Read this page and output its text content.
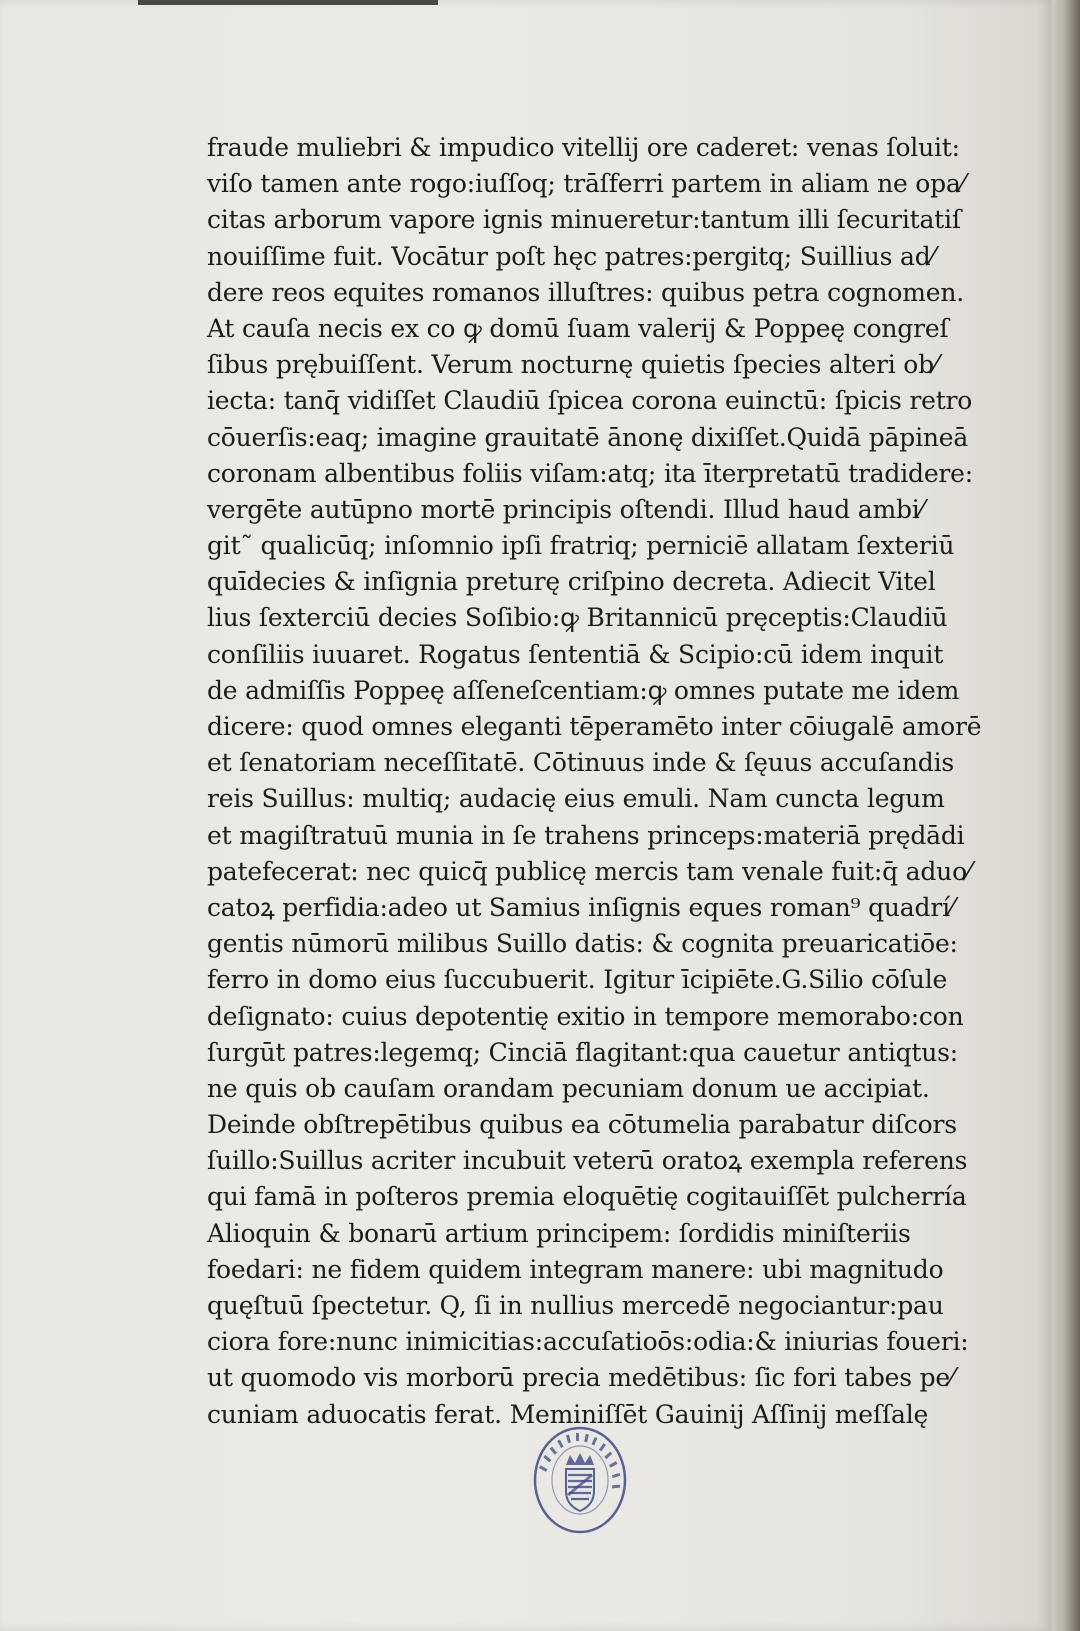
fraude muliebri & impudico vitellij ore caderet: venas ſoluit:
viſo tamen ante rogo:iuſſoq; trāſferri partem in aliam ne opa⁄
citas arborum vapore ignis minueretur:tantum illi ſecuritatiſ
nouiſſime fuit. Vocātur poſt hęc patres:pergitq; Suillius ad⁄
dere reos equites romanos illuſtres: quibus petra cognomen.
At cauſa necis ex co ꝙ domū ſuam valerij & Poppeę congreſ
ſibus prębuiſſent. Verum nocturnę quietis ſpecies alteri ob⁄
iecta: tanq̄ vidiſſet Claudiū ſpicea corona euinctū: ſpicis retro
cōuerſis:eaq; imagine grauitatē ānonę dixiſſet.Quidā pāpineā
coronam albentibus foliis viſam:atq; ita īterpretatū tradidere:
vergēte autūpno mortē principis oſtendi. Illud haud ambi⁄
git˜ qualicūq; inſomnio ipſi fratriq; perniciē allatam ſexteriū
quīdecies & inſignia preturę criſpino decreta. Adiecit Vitel
lius ſexterciū decies Soſibio:ꝙ Britannicū pręceptis:Claudiū
conſiliis iuuaret. Rogatus ſententiā & Scipio:cū idem inquit
de admiſſis Poppeę aſſeneſcentiam:ꝙ omnes putate me idem
dicere: quod omnes eleganti tēperamēto inter cōiugalē amorē
et ſenatoriam neceſſitatē. Cōtinuus inde & ſęuus accuſandis
reis Suillus: multiq; audacię eius emuli. Nam cuncta legum
et magiſtratuū munia in ſe trahens princeps:materiā prędādi
patefecerat: nec quicq̄ publicę mercis tam venale fuit:q̄ aduo⁄
catoꝝ perfidia:adeo ut Samius inſignis eques roman⁹ quadrí⁄
gentis nūmorū milibus Suillo datis: & cognita preuaricatiōe:
ferro in domo eius ſuccubuerit. Igitur īcipiēte.G.Silio cōſule
deſignato: cuius depotentię exitio in tempore memorabo:con
ſurgūt patres:legemq; Cinciā flagitant:qua cauetur antiqtus:
ne quis ob cauſam orandam pecuniam donum ue accipiat.
Deinde obſtrepētibus quibus ea cōtumelia parabatur diſcors
ſuillo:Suillus acriter incubuit veterū oratoꝝ exempla referens
qui famā in poſteros premia eloquētię cogitauiſſēt pulcherría
Alioquin & bonarū artium principem: ſordidis miniſteriis
foedari: ne fidem quidem integram manere: ubi magnitudo
quęſtuū ſpectetur. Q, ſi in nullius mercedē negociantur:pau
ciora fore:nunc inimicitias:accuſatioōs:odia:& iniurias foueri:
ut quomodo vis morborū precia medētibus: ſic fori tabes pe⁄
cuniam aduocatis ferat. Meminiſſēt Gauinij Aſſinij meſſalę
